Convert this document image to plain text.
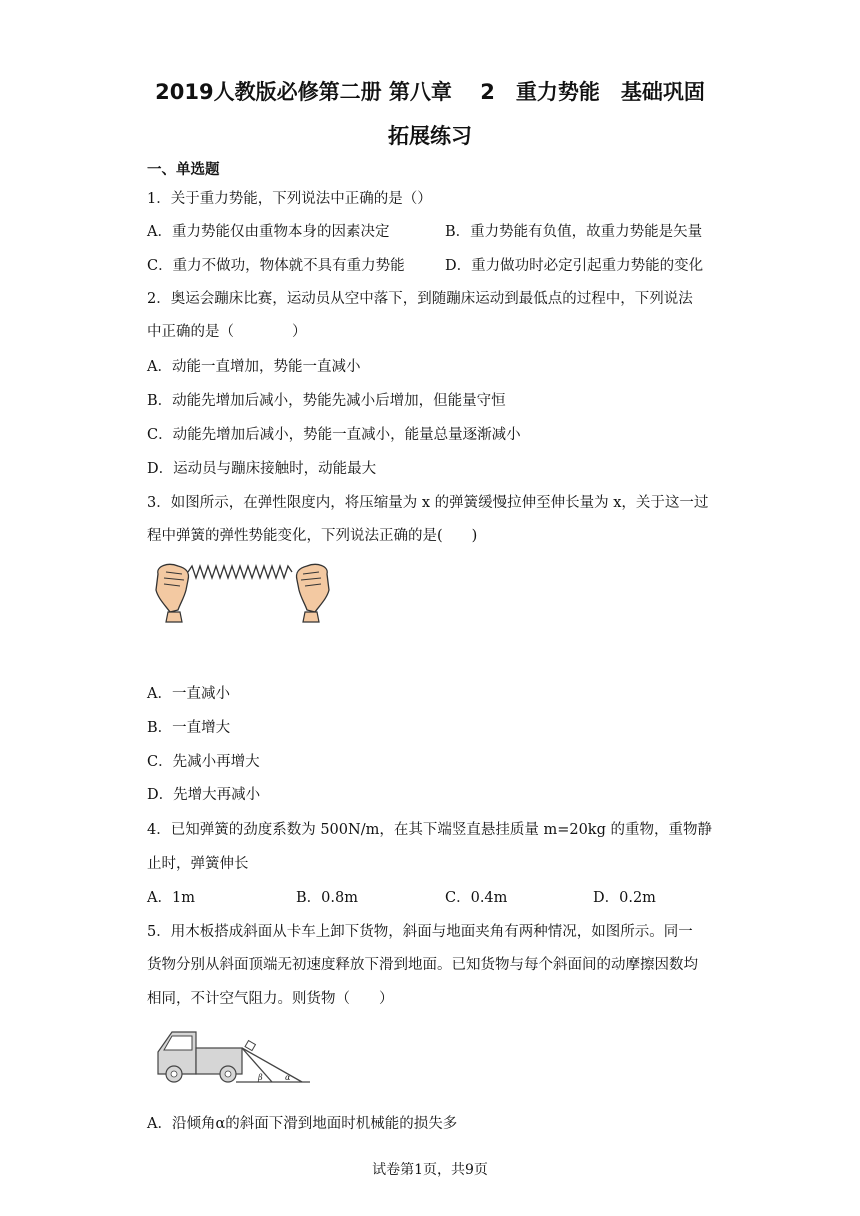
2019人教版必修第二册 第八章　 2　重力势能　基础巩固
拓展练习
一、单选题
1．关于重力势能，下列说法中正确的是（）
A．重力势能仅由重物本身的因素决定	B．重力势能有负值，故重力势能是矢量
C．重力不做功，物体就不具有重力势能	D．重力做功时必定引起重力势能的变化
2．奥运会蹦床比赛，运动员从空中落下，到随蹦床运动到最低点的过程中，下列说法
中正确的是（　　　　）
A．动能一直增加，势能一直减小
B．动能先增加后减小，势能先减小后增加，但能量守恒
C．动能先增加后减小，势能一直减小，能量总量逐渐减小
D．运动员与蹦床接触时，动能最大
3．如图所示，在弹性限度内，将压缩量为 x 的弹簧缓慢拉伸至伸长量为 x，关于这一过
程中弹簧的弹性势能变化，下列说法正确的是(　　)
A．一直减小
B．一直增大
C．先减小再增大
D．先增大再减小
4．已知弹簧的劲度系数为 500N/m，在其下端竖直悬挂质量 m=20kg 的重物，重物静
止时，弹簧伸长
A．1m	B．0.8m	C．0.4m	D．0.2m
5．用木板搭成斜面从卡车上卸下货物，斜面与地面夹角有两种情况，如图所示。同一
货物分别从斜面顶端无初速度释放下滑到地面。已知货物与每个斜面间的动摩擦因数均
相同，不计空气阻力。则货物（　　）
β	α
A．沿倾角α的斜面下滑到地面时机械能的损失多
试卷第1页，共9页
